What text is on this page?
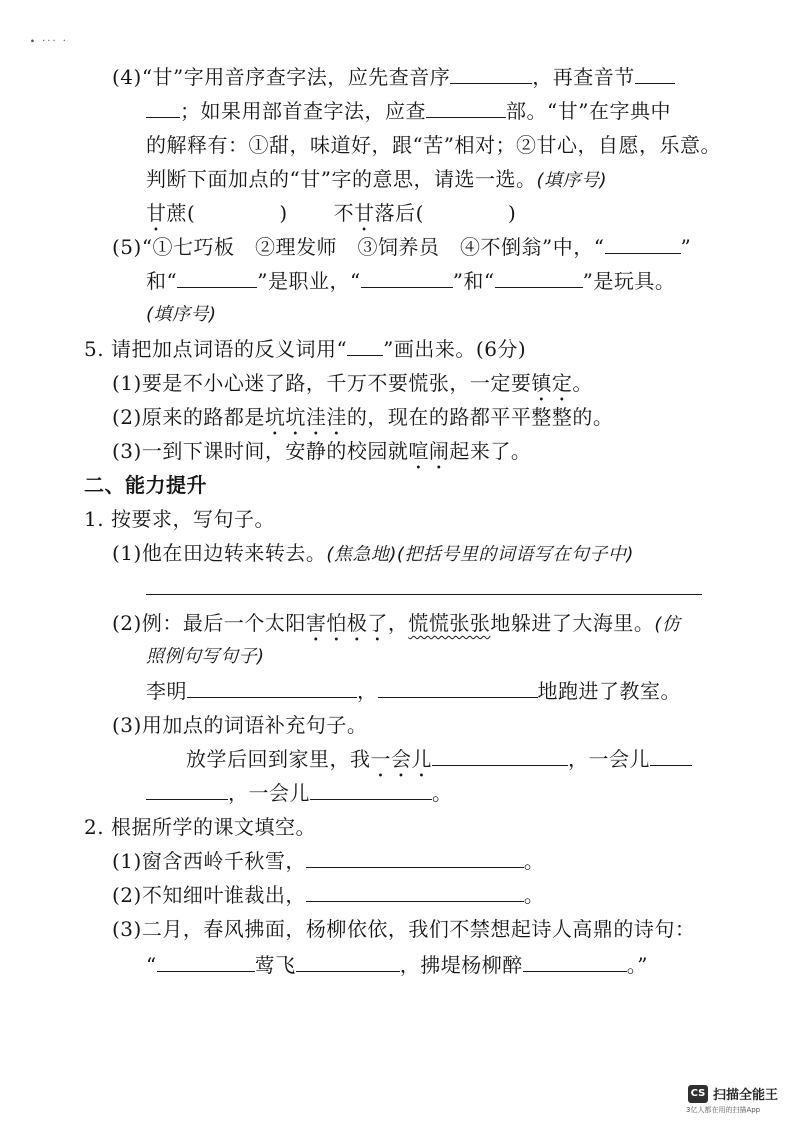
∙ ··· ·
(4)“甘”字用音序查字法，应先查音序	，再查音节
；如果用部首查字法，应查	部。“甘”在字典中
的解释有：①甜，味道好，跟“苦”相对；②甘心，自愿，乐意。
判断下面加点的“甘”字的意思，请选一选。(填序号)
甘蔗(	) 不甘落后(	)
(5)“①七巧板　②理发师　③饲养员　④不倒翁”中，“	”
和“	”是职业，“	”和“	”是玩具。
(填序号)
5. 请把加点词语的反义词用“ ”画出来。(6分)
(1)要是不小心迷了路，千万不要慌张，一定要镇定。
(2)原来的路都是坑坑洼洼的，现在的路都平平整整的。
(3)一到下课时间，安静的校园就喧闹起来了。
二、能力提升
1. 按要求，写句子。
(1)他在田边转来转去。(焦急地)(把括号里的词语写在句子中)
(2)例：最后一个太阳害怕极了，慌慌张张地躲进了大海里。(仿
照例句写句子)
李明	，	地跑进了教室。
(3)用加点的词语补充句子。
放学后回到家里，我一会儿	，一会儿
，一会儿	。
2. 根据所学的课文填空。
(1)窗含西岭千秋雪，	。
(2)不知细叶谁裁出，	。
(3)二月，春风拂面，杨柳依依，我们不禁想起诗人高鼎的诗句：
“	莺飞	，拂堤杨柳醉	。”
CS 扫描全能王
3亿人都在用的扫描App
